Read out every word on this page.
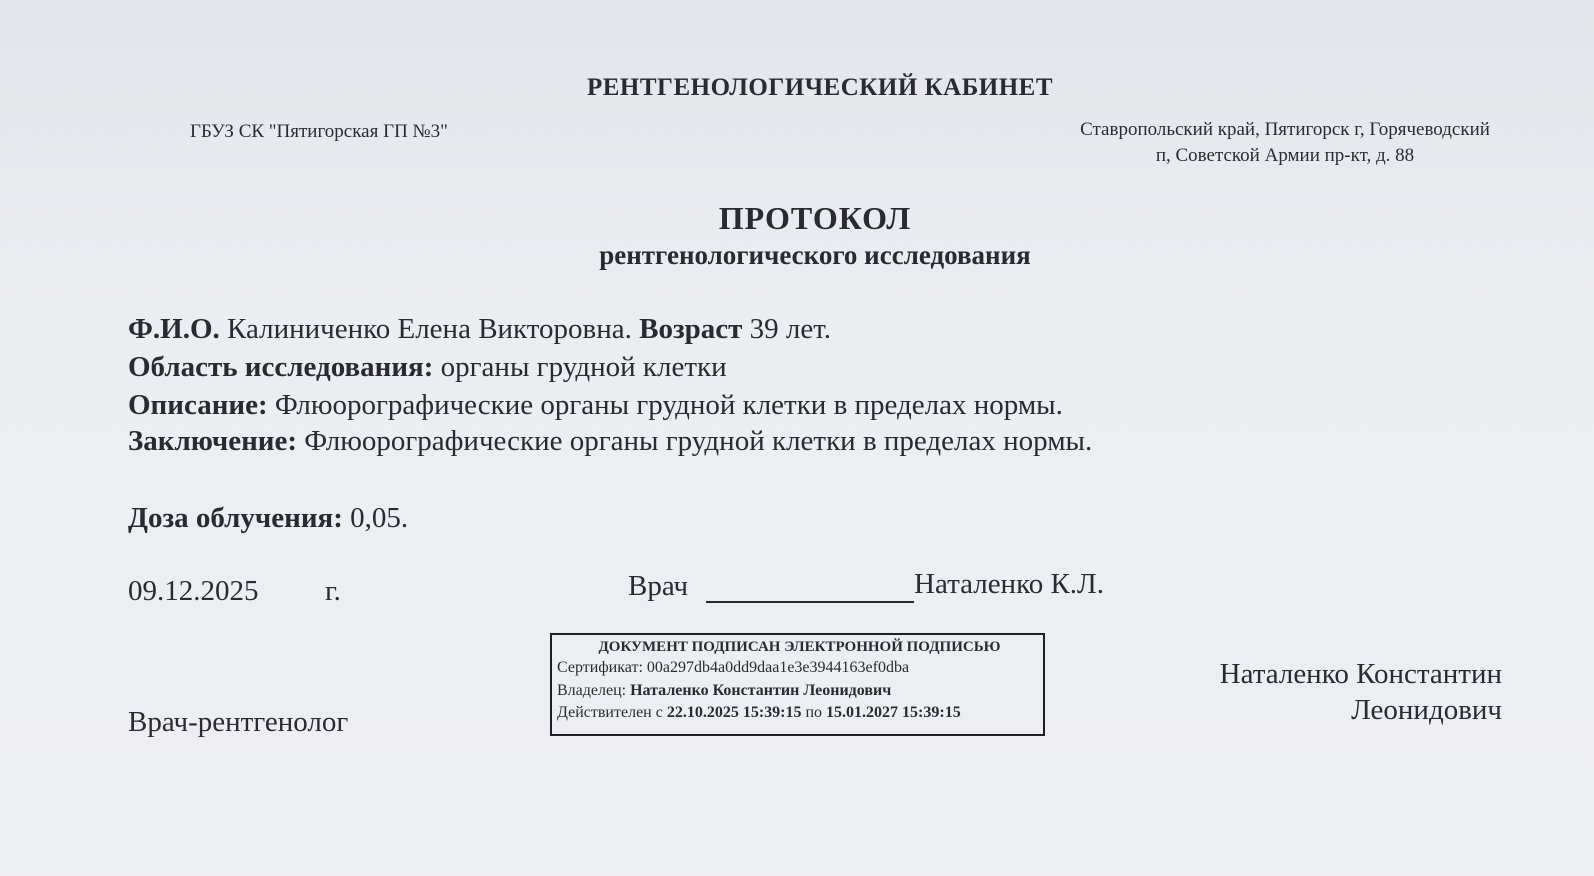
РЕНТГЕНОЛОГИЧЕСКИЙ КАБИНЕТ
ГБУЗ СК "Пятигорская ГП №3"	Ставропольский край, Пятигорск г, Горячеводский п, Советской Армии пр-кт, д. 88
ПРОТОКОЛ
рентгенологического исследования
Ф.И.О. Калиниченко Елена Викторовна. Возраст 39 лет.
Область исследования: органы грудной клетки
Описание: Флюорографические органы грудной клетки в пределах нормы.
Заключение: Флюорографические органы грудной клетки в пределах нормы.
Доза облучения: 0,05.
09.12.2025 г.	Врач	Наталенко К.Л.
ДОКУМЕНТ ПОДПИСАН ЭЛЕКТРОННОЙ ПОДПИСЬЮ
Сертификат: 00a297db4a0dd9daa1e3e3944163ef0dba
Владелец: Наталенко Константин Леонидович
Действителен с 22.10.2025 15:39:15 по 15.01.2027 15:39:15
Врач-рентгенолог
Наталенко Константин Леонидович
